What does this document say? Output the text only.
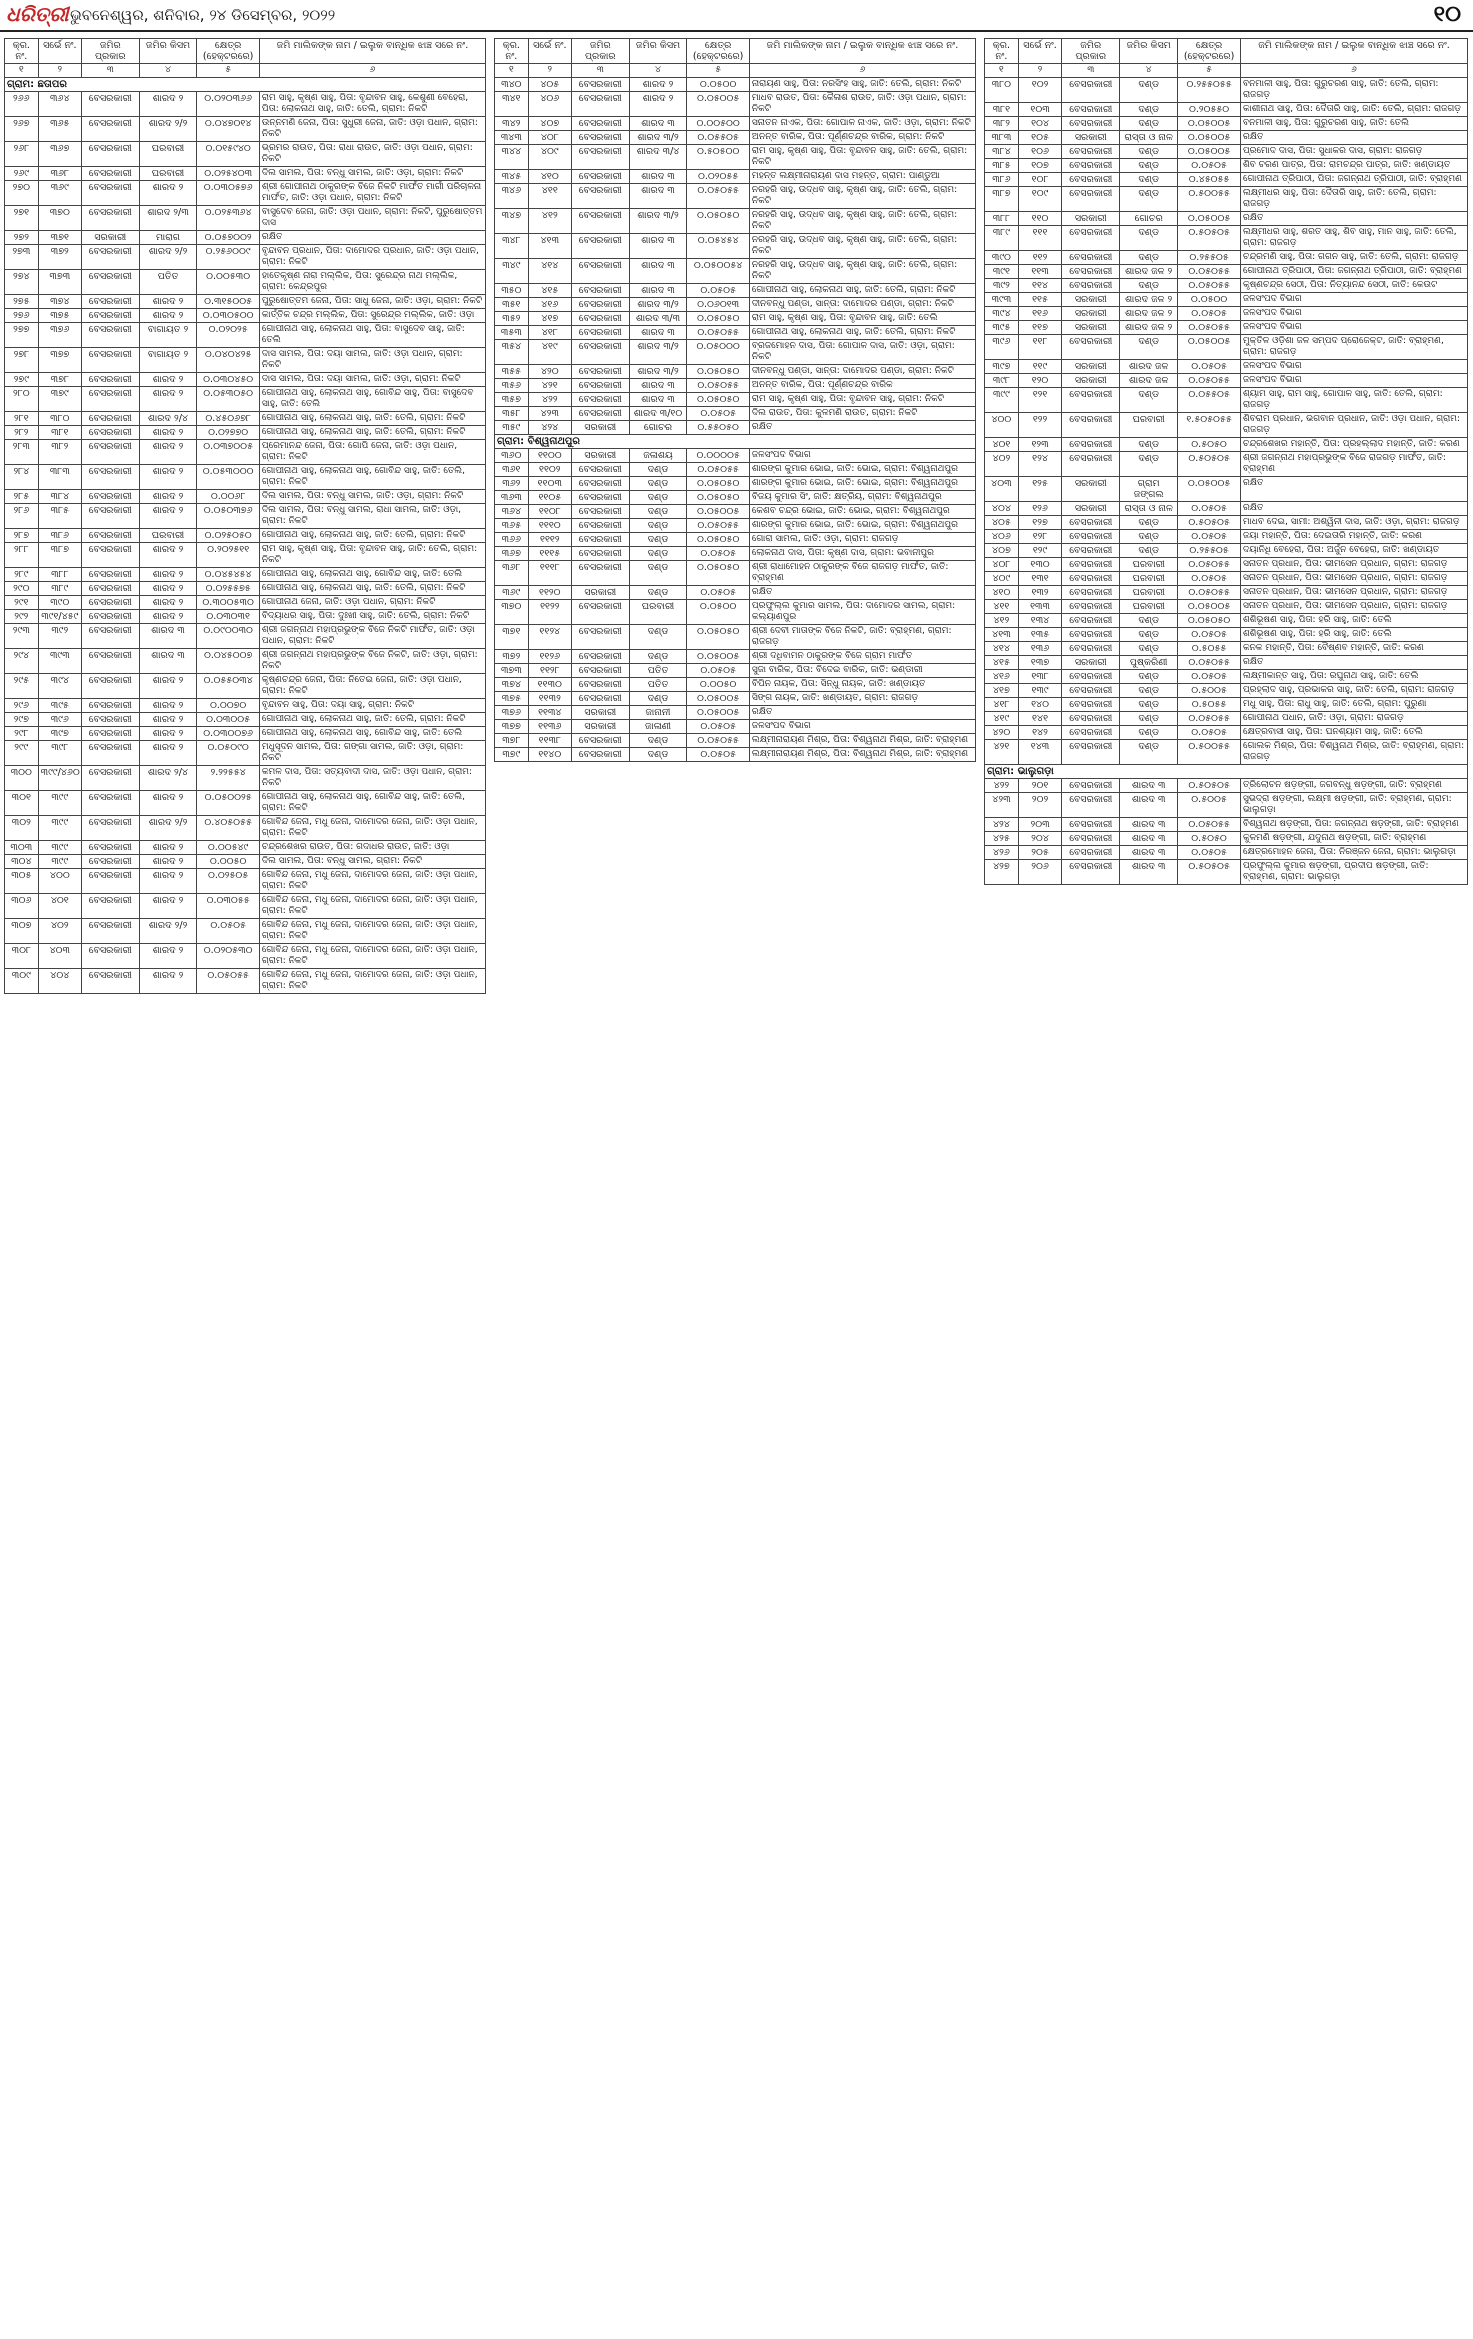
ଧରିତ୍ରୀ ଭୁବନେଶ୍ୱର, ଶନିବାର, ୨୪ ଡିସେମ୍ବର, ୨୦୨୨	୧୦
କ୍ର. ନଂ.	ସର୍ଭେ ନଂ.	ଜମିର ପ୍ରକାର	ଜମିର କିସମ	କ୍ଷେତ୍ର (ହେକ୍ଟରରେ)	ଜମି ମାଲିକଙ୍କ ନାମ / ଇଲୁକ ବାନ୍ଧିକ ଝାଞ୍ଚ ସରେ ନଂ.
୧	୨	୩	୪	୫	୬
ଗ୍ରାମ: ଛତାପର					
୨୬୬	୩୬୪	ବେସରକାରୀ	ଶାରଦ ୨	୦.୦୨୦୩୬୬	ରାମ ସାହୁ, କୃଷ୍ଣ ସାହୁ, ପିତା: ବୃନ୍ଦାବନ ସାହୁ, କେଶୁଣୀ ବେହେରା, ପିତା: ଲୋକନାଥ ସାହୁ, ଜାତି: ତେଲି, ଗ୍ରାମ: ନିକଟି
୨୬୭	୩୬୫	ବେସରକାରୀ	ଶାରଦ ୨/୨	୦.୦୪୭୦୧୪	ଉନ୍ନମଣି ଜେନା, ପିତା: ସୁଧୁରୀ ଜେନା, ଜାତି: ଓଡ଼ା ପଧାନ, ଗ୍ରାମ: ନିକଟି
୨୬୮	୩୬୭	ବେସରକାରୀ	ଘରବାରୀ	୦.୦୧୫୯୪୦	ଭ୍ରମର ରାଉତ, ପିତା: ରାଧା ରାଉତ, ଜାତି: ଓଡ଼ା ପଧାନ, ଗ୍ରାମ: ନିକଟି
୨୬୯	୩୬୮	ବେସରକାରୀ	ଘରବାରୀ	୦.୦୨୫୪୦୩	ଦିଲ ସାମଲ, ପିତା: ବନ୍ଧୁ ସାମଲ, ଜାତି: ଓଡ଼ା, ଗ୍ରାମ: ନିକଟି
୨୭୦	୩୬୯	ବେସରକାରୀ	ଶାରଦ ୨	୦.୦୩୦୫୭୬	ଶ୍ରୀ ଗୋପୀନାଥ ଠାକୁରଙ୍କ ବିଜେ ନିକଟି ମାର୍ଫତ ମାର୍ଗୀ ପରିଚାଳନା ମାର୍ଫତ, ଜାତି: ଓଡ଼ା ପଧାନ, ଗ୍ରାମ: ନିକଟି
୨୭୧	୩୭୦	ବେସରକାରୀ	ଶାରଦ ୨/୩	୦.୦୨୫୩୬୪	ବାସୁଦେବ ଜେନା, ଜାତି: ଓଡ଼ା ପଧାନ, ଗ୍ରାମ: ନିକଟି, ପୁରୁଷୋତ୍ତମ ଦାସ
୨୭୨	୩୭୧	ସରକାରୀ	ମାରାଗ	୦.୦୫୭୦୦୨	ରକ୍ଷିତ
୨୭୩	୩୭୨	ବେସରକାରୀ	ଶାରଦ ୨/୨	୦.୨୫୬୦୦୯	ବୃନ୍ଦାବନ ପ୍ରଧାନ, ପିତା: ଦାମୋଦର ପ୍ରଧାନ, ଜାତି: ଓଡ଼ା ପଧାନ, ଗ୍ରାମ: ନିକଟି
୨୭୪	୩୭୩	ବେସରକାରୀ	ପତିତ	୦.୦୦୫୩୦	ହାତେକୃଷ୍ଣ ନାରା ମଲ୍ଲିକ, ପିତା: ସୁରେନ୍ଦ୍ର ନାଥ ମଲ୍ଲିକ, ଗ୍ରାମ: କେନ୍ଦ୍ରପୁର
୨୭୫	୩୭୪	ବେସରକାରୀ	ଶାରଦ ୨	୦.୩୧୫୦୦୫	ପୁରୁଷୋତ୍ତମ ଜେନା, ପିତା: ସାଧୁ ଜେନା, ଜାତି: ଓଡ଼ା, ଗ୍ରାମ: ନିକଟି
୨୭୬	୩୭୫	ବେସରକାରୀ	ଶାରଦ ୨	୦.୦୩୦୫୦୦	କାର୍ତ୍ତିକ ଚନ୍ଦ୍ର ମଲ୍ଲିକ, ପିତା: ସୁରେନ୍ଦ୍ର ମଲ୍ଲିକ, ଜାତି: ଓଡ଼ା
୨୭୭	୩୭୬	ବେସରକାରୀ	ବାଗାୟତ ୨	୦.୦୨୦୨୫	ଗୋପୀନାଥ ସାହୁ, ଲୋକନାଥ ସାହୁ, ପିତା: ବାସୁଦେବ ସାହୁ, ଜାତି: ତେଲି
୨୭୮	୩୭୭	ବେସରକାରୀ	ବାଗାୟତ ୨	୦.୦୪୦୪୨୫	ଦାସ ସାମଲ, ପିତା: ଦୟା ସାମଲ, ଜାତି: ଓଡ଼ା ପଧାନ, ଗ୍ରାମ: ନିକଟି
୨୭୯	୩୭୮	ବେସରକାରୀ	ଶାରଦ ୨	୦.୦୩୦୪୫୦	ଦାସ ସାମଲ, ପିତା: ଦୟା ସାମଲ, ଜାତି: ଓଡ଼ା, ଗ୍ରାମ: ନିକଟି
୨୮୦	୩୭୯	ବେସରକାରୀ	ଶାରଦ ୨	୦.୦୫୩୦୫୦	ଗୋପୀନାଥ ସାହୁ, ଲୋକନାଥ ସାହୁ, ଗୋବିନ୍ଦ ସାହୁ, ପିତା: ବାସୁଦେବ ସାହୁ, ଜାତି: ତେଲି
୨୮୧	୩୮୦	ବେସରକାରୀ	ଶାରଦ ୨/୪	୦.୪୫୦୬୭୮	ଗୋପୀନାଥ ସାହୁ, ଲୋକନାଥ ସାହୁ, ଜାତି: ତେଲି, ଗ୍ରାମ: ନିକଟି
୨୮୨	୩୮୧	ବେସରକାରୀ	ଶାରଦ ୨	୦.୦୨୭୭୦	ଗୋପୀନାଥ ସାହୁ, ଲୋକନାଥ ସାହୁ, ଜାତି: ତେଲି, ଗ୍ରାମ: ନିକଟି
୨୮୩	୩୮୨	ବେସରକାରୀ	ଶାରଦ ୨	୦.୦୩୭୦୦୫	ପ୍ରେମାନନ୍ଦ ଜେନା, ପିତା: ଗୋପି ଜେନା, ଜାତି: ଓଡ଼ା ପଧାନ, ଗ୍ରାମ: ନିକଟି
୨୮୪	୩୮୩	ବେସରକାରୀ	ଶାରଦ ୨	୦.୦୫୩୦୦୦	ଗୋପୀନାଥ ସାହୁ, ଲୋକନାଥ ସାହୁ, ଗୋବିନ୍ଦ ସାହୁ, ଜାତି: ତେଲି, ଗ୍ରାମ: ନିକଟି
୨୮୫	୩୮୪	ବେସରକାରୀ	ଶାରଦ ୨	୦.୦୦୬୮	ଦିଲ ସାମଲ, ପିତା: ବନ୍ଧୁ ସାମଲ, ଜାତି: ଓଡ଼ା, ଗ୍ରାମ: ନିକଟି
୨୮୬	୩୮୫	ବେସରକାରୀ	ଶାରଦ ୨	୦.୦୫୦୩୭୬	ଦିଲ ସାମଲ, ପିତା: ବନ୍ଧୁ ସାମଲ, ରାଧା ସାମଲ, ଜାତି: ଓଡ଼ା, ଗ୍ରାମ: ନିକଟି
୨୮୭	୩୮୬	ବେସରକାରୀ	ଘରବାରୀ	୦.୦୨୫୦୫୦	ଗୋପୀନାଥ ସାହୁ, ଲୋକନାଥ ସାହୁ, ଜାତି: ତେଲି, ଗ୍ରାମ: ନିକଟି
୨୮୮	୩୮୭	ବେସରକାରୀ	ଶାରଦ ୨	୦.୨୦୨୫୧୧	ରାମ ସାହୁ, କୃଷ୍ଣ ସାହୁ, ପିତା: ବୃନ୍ଦାବନ ସାହୁ, ଜାତି: ତେଲି, ଗ୍ରାମ: ନିକଟି
୨୮୯	୩୮୮	ବେସରକାରୀ	ଶାରଦ ୨	୦.୦୪୫୪୫୪	ଗୋପୀନାଥ ସାହୁ, ଲୋକନାଥ ସାହୁ, ଗୋବିନ୍ଦ ସାହୁ, ଜାତି: ତେଲି
୨୯୦	୩୮୯	ବେସରକାରୀ	ଶାରଦ ୨	୦.୦୨୫୫୭୫	ଗୋପୀନାଥ ସାହୁ, ଲୋକନାଥ ସାହୁ, ଜାତି: ତେଲି, ଗ୍ରାମ: ନିକଟି
୨୯୧	୩୯୦	ବେସରକାରୀ	ଶାରଦ ୨	୦.୩୦୦୫୩୦	ଗୋପୀନାଥ ଜେନା, ଜାତି: ଓଡ଼ା ପଧାନ, ଗ୍ରାମ: ନିକଟି
୨୯୨	୩୯୧/୪୫୯	ବେସରକାରୀ	ଶାରଦ ୨	୦.୦୩୦୩୧	ବିଦ୍ୟାଧର ସାହୁ, ପିତା: ଦୁଃଖୀ ସାହୁ, ଜାତି: ତେଲି, ଗ୍ରାମ: ନିକଟି
୨୯୩	୩୯୨	ବେସରକାରୀ	ଶାରଦ ୩	୦.୦୯୦୦୩୦	ଶ୍ରୀ ଜଗନ୍ନାଥ ମହାପ୍ରଭୁଙ୍କ ବିଜେ ନିକଟି ମାର୍ଫତ, ଜାତି: ଓଡ଼ା ପଧାନ, ଗ୍ରାମ: ନିକଟି
୨୯୪	୩୯୩	ବେସରକାରୀ	ଶାରଦ ୩	୦.୦୪୫୦୦୭	ଶ୍ରୀ ଜଗନ୍ନାଥ ମହାପ୍ରଭୁଙ୍କ ବିଜେ ନିକଟି, ଜାତି: ଓଡ଼ା, ଗ୍ରାମ: ନିକଟି
୨୯୫	୩୯୪	ବେସରକାରୀ	ଶାରଦ ୨	୦.୦୫୫୦୩୪	କୃଷ୍ଣଚନ୍ଦ୍ର ଜେନା, ପିତା: ନିତେଇ ଜେନା, ଜାତି: ଓଡ଼ା ପଧାନ, ଗ୍ରାମ: ନିକଟି
୨୯୬	୩୯୫	ବେସରକାରୀ	ଶାରଦ ୨	୦.୦୦୭୦	ବୃନ୍ଦାବନ ସାହୁ, ପିତା: ଦୟା ସାହୁ, ଗ୍ରାମ: ନିକଟି
୨୯୭	୩୯୬	ବେସରକାରୀ	ଶାରଦ ୨	୦.୦୩୦୦୫	ଗୋପୀନାଥ ସାହୁ, ଲୋକନାଥ ସାହୁ, ଜାତି: ତେଲି, ଗ୍ରାମ: ନିକଟି
୨୯୮	୩୯୭	ବେସରକାରୀ	ଶାରଦ ୨	୦.୦୩୦୦୭୬	ଗୋପୀନାଥ ସାହୁ, ଲୋକନାଥ ସାହୁ, ଗୋବିନ୍ଦ ସାହୁ, ଜାତି: ତେଲି
୨୯୯	୩୯୮	ବେସରକାରୀ	ଶାରଦ ୨	୦.୦୫୦୯୦	ମଧୁସୂଦନ ସାମଲ, ପିତା: ଗଙ୍ଗା ସାମଲ, ଜାତି: ଓଡ଼ା, ଗ୍ରାମ: ନିକଟି
୩୦୦	୩୯୯/୪୬୦	ବେସରକାରୀ	ଶାରଦ ୨/୪	୨.୨୨୫୫୪	କମଳ ଦାସ, ପିତା: ସତ୍ୟବାଦୀ ଦାସ, ଜାତି: ଓଡ଼ା ପଧାନ, ଗ୍ରାମ: ନିକଟି
୩୦୧	୩୯୯	ବେସରକାରୀ	ଶାରଦ ୨	୦.୦୫୦୦୨୫	ଗୋପୀନାଥ ସାହୁ, ଲୋକନାଥ ସାହୁ, ଗୋବିନ୍ଦ ସାହୁ, ଜାତି: ତେଲି, ଗ୍ରାମ: ନିକଟି
୩୦୨	୩୯୯	ବେସରକାରୀ	ଶାରଦ ୨/୨	୦.୪୦୫୦୫୫	ଗୋବିନ୍ଦ ଜେନା, ମଧୁ ଜେନା, ଦାମୋଦର ଜେନା, ଜାତି: ଓଡ଼ା ପଧାନ, ଗ୍ରାମ: ନିକଟି
୩୦୩	୩୯୯	ବେସରକାରୀ	ଶାରଦ ୨	୦.୦୦୫୪୯	ଚନ୍ଦ୍ରଶେଖର ରାଉତ, ପିତା: ଗଦାଧର ରାଉତ, ଜାତି: ଓଡ଼ା
୩୦୪	୩୯୯	ବେସରକାରୀ	ଶାରଦ ୨	୦.୦୦୫୦	ଦିଲ ସାମଲ, ପିତା: ବନ୍ଧୁ ସାମଲ, ଗ୍ରାମ: ନିକଟି
୩୦୫	୪୦୦	ବେସରକାରୀ	ଶାରଦ ୨	୦.୦୨୫୦୫	ଗୋବିନ୍ଦ ଜେନା, ମଧୁ ଜେନା, ଦାମୋଦର ଜେନା, ଜାତି: ଓଡ଼ା ପଧାନ, ଗ୍ରାମ: ନିକଟି
୩୦୬	୪୦୧	ବେସରକାରୀ	ଶାରଦ ୨	୦.୦୩୦୫୫	ଗୋବିନ୍ଦ ଜେନା, ମଧୁ ଜେନା, ଦାମୋଦର ଜେନା, ଜାତି: ଓଡ଼ା ପଧାନ, ଗ୍ରାମ: ନିକଟି
୩୦୭	୪୦୨	ବେସରକାରୀ	ଶାରଦ ୨/୨	୦.୦୫୦୫	ଗୋବିନ୍ଦ ଜେନା, ମଧୁ ଜେନା, ଦାମୋଦର ଜେନା, ଜାତି: ଓଡ଼ା ପଧାନ, ଗ୍ରାମ: ନିକଟି
୩୦୮	୪୦୩	ବେସରକାରୀ	ଶାରଦ ୨	୦.୦୨୦୫୩୦	ଗୋବିନ୍ଦ ଜେନା, ମଧୁ ଜେନା, ଦାମୋଦର ଜେନା, ଜାତି: ଓଡ଼ା ପଧାନ, ଗ୍ରାମ: ନିକଟି
୩୦୯	୪୦୪	ବେସରକାରୀ	ଶାରଦ ୨	୦.୦୫୦୫୫	ଗୋବିନ୍ଦ ଜେନା, ମଧୁ ଜେନା, ଦାମୋଦର ଜେନା, ଜାତି: ଓଡ଼ା ପଧାନ, ଗ୍ରାମ: ନିକଟି
କ୍ର. ନଂ.	ସର୍ଭେ ନଂ.	ଜମିର ପ୍ରକାର	ଜମିର କିସମ	କ୍ଷେତ୍ର (ହେକ୍ଟରରେ)	ଜମି ମାଲିକଙ୍କ ନାମ / ଇଲୁକ ବାନ୍ଧିକ ଝାଞ୍ଚ ସରେ ନଂ.
୧	୨	୩	୪	୫	୬
୩୪୦	୪୦୫	ବେସରକାରୀ	ଶାରଦ ୨	୦.୦୫୦୦	ନାରାୟଣ ସାହୁ, ପିତା: ନରସିଂହ ସାହୁ, ଜାତି: ତେଲି, ଗ୍ରାମ: ନିକଟି
୩୪୧	୪୦୬	ବେସରକାରୀ	ଶାରଦ ୨	୦.୦୫୦୦୫	ମାଧବ ରାଉତ, ପିତା: କୈଳାଶ ରାଉତ, ଜାତି: ଓଡ଼ା ପଧାନ, ଗ୍ରାମ: ନିକଟି
୩୪୨	୪୦୭	ବେସରକାରୀ	ଶାରଦ ୩	୦.୦୦୫୦୦	ସନାତନ ନାଏକ, ପିତା: ଗୋପାଳ ନାଏକ, ଜାତି: ଓଡ଼ା, ଗ୍ରାମ: ନିକଟି
୩୪୩	୪୦୮	ବେସରକାରୀ	ଶାରଦ ୩/୨	୦.୦୫୫୦୫	ଅନନ୍ତ ବାରିକ, ପିତା: ପୂର୍ଣ୍ଣଚନ୍ଦ୍ର ବାରିକ, ଗ୍ରାମ: ନିକଟି
୩୪୪	୪୦୯	ବେସରକାରୀ	ଶାରଦ ୩/୪	୦.୫୦୫୦୦	ରାମ ସାହୁ, କୃଷ୍ଣ ସାହୁ, ପିତା: ବୃନ୍ଦାବନ ସାହୁ, ଜାତି: ତେଲି, ଗ୍ରାମ: ନିକଟି
୩୪୫	୪୧୦	ବେସରକାରୀ	ଶାରଦ ୩	୦.୦୨୦୫୫	ମହନ୍ତ ଲକ୍ଷ୍ମୀନାରାୟଣ ଦାସ ମହନ୍ତ, ଗ୍ରାମ: ପାଣ୍ଡୁଆ
୩୪୬	୪୧୧	ବେସରକାରୀ	ଶାରଦ ୩	୦.୦୫୦୫୫	ନରହରି ସାହୁ, ଉଦ୍ଧବ ସାହୁ, କୃଷ୍ଣ ସାହୁ, ଜାତି: ତେଲି, ଗ୍ରାମ: ନିକଟି
୩୪୭	୪୧୨	ବେସରକାରୀ	ଶାରଦ ୩/୨	୦.୦୫୦୫୦	ନରହରି ସାହୁ, ଉଦ୍ଧବ ସାହୁ, କୃଷ୍ଣ ସାହୁ, ଜାତି: ତେଲି, ଗ୍ରାମ: ନିକଟି
୩୪୮	୪୧୩	ବେସରକାରୀ	ଶାରଦ ୩	୦.୦୫୪୫୪	ନରହରି ସାହୁ, ଉଦ୍ଧବ ସାହୁ, କୃଷ୍ଣ ସାହୁ, ଜାତି: ତେଲି, ଗ୍ରାମ: ନିକଟି
୩୪୯	୪୧୪	ବେସରକାରୀ	ଶାରଦ ୩	୦.୦୫୦୦୫୪	ନରହରି ସାହୁ, ଉଦ୍ଧବ ସାହୁ, କୃଷ୍ଣ ସାହୁ, ଜାତି: ତେଲି, ଗ୍ରାମ: ନିକଟି
୩୫୦	୪୧୫	ବେସରକାରୀ	ଶାରଦ ୩	୦.୦୫୦୫	ଗୋପୀନାଥ ସାହୁ, ଲୋକନାଥ ସାହୁ, ଜାତି: ତେଲି, ଗ୍ରାମ: ନିକଟି
୩୫୧	୪୧୬	ବେସରକାରୀ	ଶାରଦ ୩/୨	୦.୦୬୦୧୩	ଦୀନବନ୍ଧୁ ପଣ୍ଡା, ସାନ୍ତା: ଦାମୋଦର ପଣ୍ଡା, ଗ୍ରାମ: ନିକଟି
୩୫୨	୪୧୭	ବେସରକାରୀ	ଶାରଦ ୩/୩	୦.୦୫୦୫୦	ରାମ ସାହୁ, କୃଷ୍ଣ ସାହୁ, ପିତା: ବୃନ୍ଦାବନ ସାହୁ, ଜାତି: ତେଲି
୩୫୩	୪୧୮	ବେସରକାରୀ	ଶାରଦ ୩	୦.୦୫୦୫୫	ଗୋପୀନାଥ ସାହୁ, ଲୋକନାଥ ସାହୁ, ଜାତି: ତେଲି, ଗ୍ରାମ: ନିକଟି
୩୫୪	୪୧୯	ବେସରକାରୀ	ଶାରଦ ୩/୨	୦.୦୫୦୦୦	ବ୍ରଜମୋହନ ଦାସ, ପିତା: ଗୋପାଳ ଦାସ, ଜାତି: ଓଡ଼ା, ଗ୍ରାମ: ନିକଟି
୩୫୫	୪୨୦	ବେସରକାରୀ	ଶାରଦ ୩/୨	୦.୦୫୦୫୦	ଦୀନବନ୍ଧୁ ପଣ୍ଡା, ସାନ୍ତା: ଦାମୋଦର ପଣ୍ଡା, ଗ୍ରାମ: ନିକଟି
୩୫୬	୪୨୧	ବେସରକାରୀ	ଶାରଦ ୩	୦.୦୫୦୫୫	ଅନନ୍ତ ବାରିକ, ପିତା: ପୂର୍ଣ୍ଣଚନ୍ଦ୍ର ବାରିକ
୩୫୭	୪୨୨	ବେସରକାରୀ	ଶାରଦ ୩	୦.୦୫୦୫୦	ରାମ ସାହୁ, କୃଷ୍ଣ ସାହୁ, ପିତା: ବୃନ୍ଦାବନ ସାହୁ, ଗ୍ରାମ: ନିକଟି
୩୫୮	୪୨୩	ବେସରକାରୀ	ଶାରଦ ୩/୧୦	୦.୦୫୦୫	ଦିଲ ରାଉତ, ପିତା: କୁଳମଣି ରାଉତ, ଗ୍ରାମ: ନିକଟି
୩୫୯	୪୨୪	ସରକାରୀ	ଗୋଚର	୦.୫୫୦୫୦	ରକ୍ଷିତ
ଗ୍ରାମ: ବିଶ୍ୱନାଥପୁର					
୩୬୦	୧୧୦୦	ସରକାରୀ	ଜଳାଶୟ	୦.୦୦୦୦୫	ଜଳସଂପଦ ବିଭାଗ
୩୬୧	୧୧୦୨	ବେସରକାରୀ	ଦଣ୍ଡ	୦.୦୫୦୫୫	ଶାରଙ୍ଗ କୁମାର ଭୋଇ, ଜାତି: ଭୋଇ, ଗ୍ରାମ: ବିଶ୍ୱନାଥପୁର
୩୬୨	୧୧୦୩	ବେସରକାରୀ	ଦଣ୍ଡ	୦.୦୫୦୫୦	ଶାରଙ୍ଗ କୁମାର ଭୋଇ, ଜାତି: ଭୋଇ, ଗ୍ରାମ: ବିଶ୍ୱନାଥପୁର
୩୬୩	୧୧୦୫	ବେସରକାରୀ	ଦଣ୍ଡ	୦.୦୫୦୫୦	ବିଜୟ କୁମାର ସିଂ, ଜାତି: କ୍ଷତ୍ରିୟ, ଗ୍ରାମ: ବିଶ୍ୱନାଥପୁର
୩୬୪	୧୧୦୮	ବେସରକାରୀ	ଦଣ୍ଡ	୦.୦୫୦୦୫	କେଶବ ଚନ୍ଦ୍ର ଭୋଇ, ଜାତି: ଭୋଇ, ଗ୍ରାମ: ବିଶ୍ୱନାଥପୁର
୩୬୫	୧୧୧୦	ବେସରକାରୀ	ଦଣ୍ଡ	୦.୦୫୦୫୫	ଶାରଙ୍ଗ କୁମାର ଭୋଇ, ଜାତି: ଭୋଇ, ଗ୍ରାମ: ବିଶ୍ୱନାଥପୁର
୩୬୬	୧୧୧୨	ବେସରକାରୀ	ଦଣ୍ଡ	୦.୦୫୦୫୦	ଗୋରା ସାମଲ, ଜାତି: ଓଡ଼ା, ଗ୍ରାମ: ରାଜଗଡ଼
୩୬୭	୧୧୧୫	ବେସରକାରୀ	ଦଣ୍ଡ	୦.୦୫୦୫	ଲୋକନାଥ ଦାସ, ପିତା: କୃଷ୍ଣ ଦାସ, ଗ୍ରାମ: ଭବାନୀପୁର
୩୬୮	୧୧୧୮	ବେସରକାରୀ	ଦଣ୍ଡ	୦.୦୫୦୫୦	ଶ୍ରୀ ରାଧାମୋହନ ଠାକୁରଙ୍କ ବିଜେ ରାଜଗଡ଼ ମାର୍ଫତ, ଜାତି: ବ୍ରାହ୍ମଣ
୩୬୯	୧୧୨୦	ସରକାରୀ	ଦଣ୍ଡ	୦.୦୫୦୫	ରକ୍ଷିତ
୩୭୦	୧୧୨୨	ବେସରକାରୀ	ଘରବାରୀ	୦.୦୫୦୦	ପ୍ରଫୁଲ୍ଲ କୁମାର ସାମଲ, ପିତା: ଦାମୋଦର ସାମଲ, ଗ୍ରାମ: କଲ୍ୟାଣପୁର
୩୭୧	୧୧୨୪	ବେସରକାରୀ	ଦଣ୍ଡ	୦.୦୫୦୫୦	ଶ୍ରୀ ଦେବୀ ମାତାଙ୍କ ବିଜେ ନିକଟି, ଜାତି: ବ୍ରାହ୍ମଣ, ଗ୍ରାମ: ରାଜଗଡ଼
୩୭୨	୧୧୨୬	ବେସରକାରୀ	ଦଣ୍ଡ	୦.୦୫୦୦୫	ଶ୍ରୀ ଦଧିବାମନ ଠାକୁରଙ୍କ ବିଜେ ଗ୍ରାମ ମାର୍ଫତ
୩୭୩	୧୧୨୮	ବେସରକାରୀ	ପତିତ	୦.୦୫୦୫	ସୁଜା ବାରିକ, ପିତା: ବିଦେଇ ବାରିକ, ଜାତି: ଭଣ୍ଡାରୀ
୩୭୪	୧୧୩୦	ବେସରକାରୀ	ପତିତ	୦.୦୦୫୦	ବିପିନ ନାୟକ, ପିତା: ସିନ୍ଧୁ ନାୟକ, ଜାତି: ଖଣ୍ଡାୟତ
୩୭୫	୧୧୩୨	ବେସରକାରୀ	ଦଣ୍ଡ	୦.୦୫୦୦୫	ସିଙ୍ଗ ନାୟକ, ଜାତି: ଖଣ୍ଡାୟତ, ଗ୍ରାମ: ରାଜଗଡ଼
୩୭୬	୧୧୩୪	ସରକାରୀ	ଜାନାନୀ	୦.୦୫୦୦୫	ରକ୍ଷିତ
୩୭୭	୧୧୩୬	ସରକାରୀ	ଜାଳାଣୀ	୦.୦୫୦୫	ଜଳସଂପଦ ବିଭାଗ
୩୭୮	୧୧୩୮	ବେସରକାରୀ	ଦଣ୍ଡ	୦.୦୫୦୫୫	ଲକ୍ଷ୍ମୀନାରାୟଣ ମିଶ୍ର, ପିତା: ବିଶ୍ୱନାଥ ମିଶ୍ର, ଜାତି: ବ୍ରାହ୍ମଣ
୩୭୯	୧୧୪୦	ବେସରକାରୀ	ଦଣ୍ଡ	୦.୦୫୦୫	ଲକ୍ଷ୍ମୀନାରାୟଣ ମିଶ୍ର, ପିତା: ବିଶ୍ୱନାଥ ମିଶ୍ର, ଜାତି: ବ୍ରାହ୍ମଣ
କ୍ର. ନଂ.	ସର୍ଭେ ନଂ.	ଜମିର ପ୍ରକାର	ଜମିର କିସମ	କ୍ଷେତ୍ର (ହେକ୍ଟରରେ)	ଜମି ମାଲିକଙ୍କ ନାମ / ଇଲୁକ ବାନ୍ଧିକ ଝାଞ୍ଚ ସରେ ନଂ.
୧	୨	୩	୪	୫	୬
୩୮୦	୧୦୨	ବେସରକାରୀ	ଦଣ୍ଡ	୦.୨୫୫୦୫୫	ବନମାଳୀ ସାହୁ, ପିତା: ଗୁରୁଚରଣ ସାହୁ, ଜାତି: ତେଲି, ଗ୍ରାମ: ରାଜଗଡ଼
୩୮୧	୧୦୩	ବେସରକାରୀ	ଦଣ୍ଡ	୦.୨୦୫୫୦	କାଶୀନାଥ ସାହୁ, ପିତା: ଦୈତାରି ସାହୁ, ଜାତି: ତେଲି, ଗ୍ରାମ: ରାଜଗଡ଼
୩୮୨	୧୦୪	ବେସରକାରୀ	ଦଣ୍ଡ	୦.୦୫୦୦୫	ବନମାଳୀ ସାହୁ, ପିତା: ଗୁରୁଚରଣ ସାହୁ, ଜାତି: ତେଲି
୩୮୩	୧୦୫	ସରକାରୀ	ରାସ୍ତା ଓ ନାଳ	୦.୦୫୦୦୫	ରକ୍ଷିତ
୩୮୪	୧୦୬	ବେସରକାରୀ	ଦଣ୍ଡ	୦.୦୫୦୦୫	ପ୍ରମୋଦ ଦାସ, ପିତା: ସୁଧାକର ଦାସ, ଗ୍ରାମ: ରାଜଗଡ଼
୩୮୫	୧୦୭	ବେସରକାରୀ	ଦଣ୍ଡ	୦.୦୫୦୫	ଶିବ ଚରଣ ପାତ୍ର, ପିତା: ରାମଚନ୍ଦ୍ର ପାତ୍ର, ଜାତି: ଖଣ୍ଡାୟତ
୩୮୬	୧୦୮	ବେସରକାରୀ	ଦଣ୍ଡ	୦.୪୫୦୫୫	ଗୋପୀନାଥ ତ୍ରିପାଠୀ, ପିତା: ଜଗନ୍ନାଥ ତ୍ରିପାଠୀ, ଜାତି: ବ୍ରାହ୍ମଣ
୩୮୭	୧୦୯	ବେସରକାରୀ	ଦଣ୍ଡ	୦.୫୦୦୫୫	ଲକ୍ଷ୍ମୀଧର ସାହୁ, ପିତା: ଦୈତାରି ସାହୁ, ଜାତି: ତେଲି, ଗ୍ରାମ: ରାଜଗଡ଼
୩୮୮	୧୧୦	ସରକାରୀ	ଗୋଚର	୦.୦୫୦୦୫	ରକ୍ଷିତ
୩୮୯	୧୧୧	ବେସରକାରୀ	ଦଣ୍ଡ	୦.୫୦୫୦୫	ଲକ୍ଷ୍ମୀଧର ସାହୁ, ଶରତ ସାହୁ, ଶିବ ସାହୁ, ମାନ ସାହୁ, ଜାତି: ତେଲି, ଗ୍ରାମ: ରାଜଗଡ଼
୩୯୦	୧୧୨	ବେସରକାରୀ	ଦଣ୍ଡ	୦.୨୫୫୦୫	ଚନ୍ଦ୍ରମଣି ସାହୁ, ପିତା: ଗଗନ ସାହୁ, ଜାତି: ତେଲି, ଗ୍ରାମ: ରାଜଗଡ଼
୩୯୧	୧୧୩	ବେସରକାରୀ	ଶାରଦ ଜଳ ୨	୦.୦୫୦୫୫	ଗୋପୀନାଥ ତ୍ରିପାଠୀ, ପିତା: ଜଗନ୍ନାଥ ତ୍ରିପାଠୀ, ଜାତି: ବ୍ରାହ୍ମଣ
୩୯୨	୧୧୪	ବେସରକାରୀ	ଦଣ୍ଡ	୦.୦୫୦୫୫	କୃଷ୍ଣଚନ୍ଦ୍ର ସେଠୀ, ପିତା: ନିତ୍ୟାନନ୍ଦ ସେଠୀ, ଜାତି: କେଉଟ
୩୯୩	୧୧୫	ସରକାରୀ	ଶାରଦ ଜଳ ୨	୦.୦୫୦୦	ଜଳସଂପଦ ବିଭାଗ
୩୯୪	୧୧୬	ସରକାରୀ	ଶାରଦ ଜଳ ୨	୦.୦୫୦୫	ଜଳସଂପଦ ବିଭାଗ
୩୯୫	୧୧୭	ସରକାରୀ	ଶାରଦ ଜଳ ୨	୦.୦୫୦୫୫	ଜଳସଂପଦ ବିଭାଗ
୩୯୬	୧୧୮	ବେସରକାରୀ	ଦଣ୍ଡ	୦.୦୫୦୦୫	ମୁକ୍ତିଳ ଓଡ଼ିଶା ଜଳ ସମ୍ପଦ ପ୍ରୋଜେକ୍ଟ, ଜାତି: ବ୍ରାହ୍ମଣ, ଗ୍ରାମ: ରାଜଗଡ଼
୩୯୭	୧୧୯	ସରକାରୀ	ଶାରଦ ଜଳ	୦.୦୫୦୫	ଜଳସଂପଦ ବିଭାଗ
୩୯୮	୧୨୦	ସରକାରୀ	ଶାରଦ ଜଳ	୦.୦୫୦୫୫	ଜଳସଂପଦ ବିଭାଗ
୩୯୯	୧୨୧	ବେସରକାରୀ	ଦଣ୍ଡ	୦.୦୫୫୦୫	ଶ୍ୟାମ ସାହୁ, ରାମ ସାହୁ, ଗୋପାଳ ସାହୁ, ଜାତି: ତେଲି, ଗ୍ରାମ: ରାଜଗଡ଼
୪୦୦	୧୨୨	ବେସରକାରୀ	ଘରବାରୀ	୧.୫୦୫୦୫୫	ଶିବରାମ ପ୍ରଧାନ, ଭଗବାନ ପ୍ରଧାନ, ଜାତି: ଓଡ଼ା ପଧାନ, ଗ୍ରାମ: ରାଜଗଡ଼
୪୦୧	୧୨୩	ବେସରକାରୀ	ଦଣ୍ଡ	୦.୫୦୫୦	ଚନ୍ଦ୍ରଶେଖର ମହାନ୍ତି, ପିତା: ପ୍ରହଲ୍ଲାଦ ମହାନ୍ତି, ଜାତି: କରଣ
୪୦୨	୧୨୪	ବେସରକାରୀ	ଦଣ୍ଡ	୦.୫୦୫୦୫	ଶ୍ରୀ ଜଗନ୍ନାଥ ମହାପ୍ରଭୁଙ୍କ ବିଜେ ରାଜଗଡ଼ ମାର୍ଫତ, ଜାତି: ବ୍ରାହ୍ମଣ
୪୦୩	୧୨୫	ସରକାରୀ	ଗ୍ରାମ ଜଙ୍ଗଲ	୦.୦୫୦୦୫	ରକ୍ଷିତ
୪୦୪	୧୨୬	ସରକାରୀ	ରାସ୍ତା ଓ ନାଳ	୦.୦୫୦୫	ରକ୍ଷିତ
୪୦୫	୧୨୭	ବେସରକାରୀ	ଦଣ୍ଡ	୦.୫୦୫୦୫	ମାଧବ ଦେଇ, ସାମୀ: ଅଶ୍ୱିନୀ ଦାସ, ଜାତି: ଓଡ଼ା, ଗ୍ରାମ: ରାଜଗଡ଼
୪୦୬	୧୨୮	ବେସରକାରୀ	ଦଣ୍ଡ	୦.୦୫୦୫	ଜୟା ମହାନ୍ତି, ପିତା: ଦେଇତାରି ମହାନ୍ତି, ଜାତି: କରଣ
୪୦୭	୧୨୯	ବେସରକାରୀ	ଦଣ୍ଡ	୦.୨୫୫୦୫	ଦୟାନିଧି ବେହେରା, ପିତା: ଅର୍ଜୁନ ବେହେରା, ଜାତି: ଖଣ୍ଡାୟତ
୪୦୮	୧୩୦	ବେସରକାରୀ	ଘରବାରୀ	୦.୦୫୦୫୫	ସନାତନ ପ୍ରଧାନ, ପିତା: ଭୀମସେନ ପ୍ରଧାନ, ଗ୍ରାମ: ରାଜଗଡ଼
୪୦୯	୧୩୧	ବେସରକାରୀ	ଘରବାରୀ	୦.୦୫୦୫	ସନାତନ ପ୍ରଧାନ, ପିତା: ଭୀମସେନ ପ୍ରଧାନ, ଗ୍ରାମ: ରାଜଗଡ଼
୪୧୦	୧୩୨	ବେସରକାରୀ	ଘରବାରୀ	୦.୦୫୦୫୫	ସନାତନ ପ୍ରଧାନ, ପିତା: ଭୀମସେନ ପ୍ରଧାନ, ଗ୍ରାମ: ରାଜଗଡ଼
୪୧୧	୧୩୩	ବେସରକାରୀ	ଘରବାରୀ	୦.୦୫୦୦୫	ସନାତନ ପ୍ରଧାନ, ପିତା: ଭୀମସେନ ପ୍ରଧାନ, ଗ୍ରାମ: ରାଜଗଡ଼
୪୧୨	୧୩୪	ବେସରକାରୀ	ଦଣ୍ଡ	୦.୦୫୦୫୦	ଶଶିଭୂଷଣ ସାହୁ, ପିତା: ହରି ସାହୁ, ଜାତି: ତେଲି
୪୧୩	୧୩୫	ବେସରକାରୀ	ଦଣ୍ଡ	୦.୦୫୦୫	ଶଶିଭୂଷଣ ସାହୁ, ପିତା: ହରି ସାହୁ, ଜାତି: ତେଲି
୪୧୪	୧୩୬	ବେସରକାରୀ	ଦଣ୍ଡ	୦.୫୦୫୫	କନକ ମହାନ୍ତି, ପିତା: ବୈଷ୍ଣବ ମହାନ୍ତି, ଜାତି: କରଣ
୪୧୫	୧୩୭	ସରକାରୀ	ପୁଷ୍କରିଣୀ	୦.୦୫୦୫୫	ରକ୍ଷିତ
୪୧୬	୧୩୮	ବେସରକାରୀ	ଦଣ୍ଡ	୦.୦୫୦୫	ଲକ୍ଷ୍ମୀକାନ୍ତ ସାହୁ, ପିତା: ରଘୁନାଥ ସାହୁ, ଜାତି: ତେଲି
୪୧୭	୧୩୯	ବେସରକାରୀ	ଦଣ୍ଡ	୦.୫୦୦୫	ପ୍ରହ୍ଲାଦ ସାହୁ, ପ୍ରଭାକର ସାହୁ, ଜାତି: ତେଲି, ଗ୍ରାମ: ରାଜଗଡ଼
୪୧୮	୧୪୦	ବେସରକାରୀ	ଦଣ୍ଡ	୦.୫୦୫୫	ମଧୁ ସାହୁ, ପିତା: ରାଧୁ ସାହୁ, ଜାତି: ତେଲି, ଗ୍ରାମ: ପୁରୁଣା
୪୧୯	୧୪୧	ବେସରକାରୀ	ଦଣ୍ଡ	୦.୦୫୦୫୫	ଗୋପୀନାଥ ପଧାନ, ଜାତି: ଓଡ଼ା, ଗ୍ରାମ: ରାଜଗଡ଼
୪୨୦	୧୪୨	ବେସରକାରୀ	ଦଣ୍ଡ	୦.୦୫୦୫	କ୍ଷେତ୍ରବାସୀ ସାହୁ, ପିତା: ଘନଶ୍ୟାମ ସାହୁ, ଜାତି: ତେଲି
୪୨୧	୧୪୩	ବେସରକାରୀ	ଦଣ୍ଡ	୦.୫୦୦୫୫	ଗୋଲକ ମିଶ୍ର, ପିତା: ବିଶ୍ୱନାଥ ମିଶ୍ର, ଜାତି: ବ୍ରାହ୍ମଣ, ଗ୍ରାମ: ରାଜଗଡ଼
ଗ୍ରାମ: ଭାଲୁଗଡ଼ା					
୪୨୨	୨୦୧	ବେସରକାରୀ	ଶାରଦ ୩	୦.୫୦୫୦୫	ତ୍ରିଲୋଚନ ଷଡ଼ଙ୍ଗୀ, ଜଗବନ୍ଧୁ ଷଡ଼ଙ୍ଗୀ, ଜାତି: ବ୍ରାହ୍ମଣ
୪୨୩	୨୦୨	ବେସରକାରୀ	ଶାରଦ ୩	୦.୫୦୦୫	ସୁଭଦ୍ରା ଷଡ଼ଙ୍ଗୀ, ଲକ୍ଷ୍ମୀ ଷଡ଼ଙ୍ଗୀ, ଜାତି: ବ୍ରାହ୍ମଣ, ଗ୍ରାମ: ଭାଲୁଗଡ଼ା
୪୨୪	୨୦୩	ବେସରକାରୀ	ଶାରଦ ୩	୦.୦୫୦୫୫	ବିଶ୍ୱନାଥ ଷଡ଼ଙ୍ଗୀ, ପିତା: ଜଗନ୍ନାଥ ଷଡ଼ଙ୍ଗୀ, ଜାତି: ବ୍ରାହ୍ମଣ
୪୨୫	୨୦୪	ବେସରକାରୀ	ଶାରଦ ୩	୦.୫୦୫୦	କୁଳମଣି ଷଡ଼ଙ୍ଗୀ, ଯଦୁନାଥ ଷଡ଼ଙ୍ଗୀ, ଜାତି: ବ୍ରାହ୍ମଣ
୪୨୬	୨୦୫	ବେସରକାରୀ	ଶାରଦ ୩	୦.୦୫୦୫	କ୍ଷେତ୍ରମୋହନ ଜେନା, ପିତା: ନିରଞ୍ଜନ ଜେନା, ଗ୍ରାମ: ଭାଲୁଗଡ଼ା
୪୨୭	୨୦୬	ବେସରକାରୀ	ଶାରଦ ୩	୦.୫୦୫୦୫	ପ୍ରଫୁଲ୍ଲ କୁମାର ଷଡ଼ଙ୍ଗୀ, ପ୍ରଦୀପ ଷଡ଼ଙ୍ଗୀ, ଜାତି: ବ୍ରାହ୍ମଣ, ଗ୍ରାମ: ଭାଲୁଗଡ଼ା
